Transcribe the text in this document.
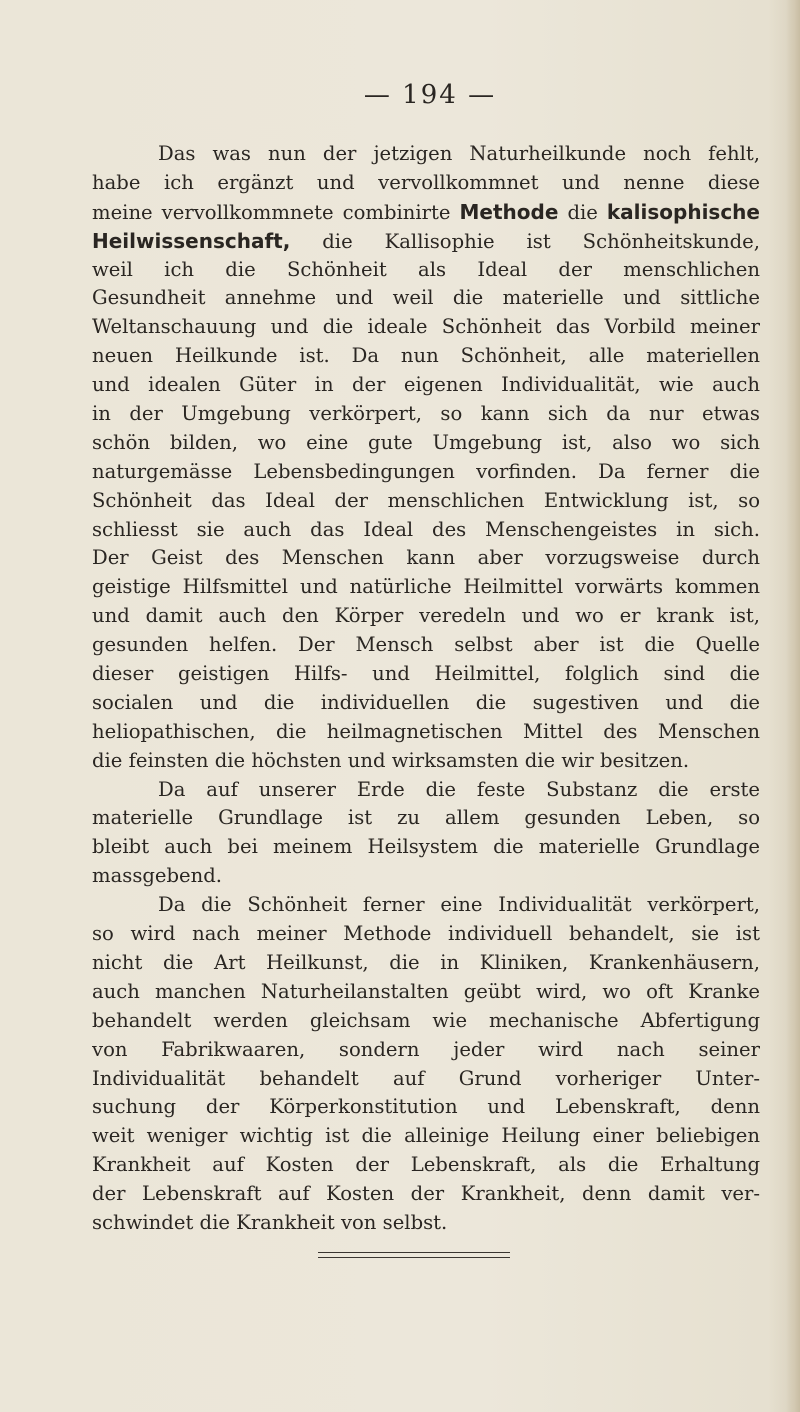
— 194 —
Das was nun der jetzigen Naturheilkunde noch fehlt,
habe ich ergänzt und vervollkommnet und nenne diese
meine vervollkommnete combinirte Methode die kalisophische
Heilwissenschaft, die Kallisophie ist Schönheitskunde,
weil ich die Schönheit als Ideal der menschlichen
Gesundheit annehme und weil die materielle und sittliche
Weltanschauung und die ideale Schönheit das Vorbild meiner
neuen Heilkunde ist. Da nun Schönheit, alle materiellen
und idealen Güter in der eigenen Individualität, wie auch
in der Umgebung verkörpert, so kann sich da nur etwas
schön bilden, wo eine gute Umgebung ist, also wo sich
naturgemässe Lebensbedingungen vorfinden. Da ferner die
Schönheit das Ideal der menschlichen Entwicklung ist, so
schliesst sie auch das Ideal des Menschengeistes in sich.
Der Geist des Menschen kann aber vorzugsweise durch
geistige Hilfsmittel und natürliche Heilmittel vorwärts kommen
und damit auch den Körper veredeln und wo er krank ist,
gesunden helfen. Der Mensch selbst aber ist die Quelle
dieser geistigen Hilfs- und Heilmittel, folglich sind die
socialen und die individuellen die sugestiven und die
heliopathischen, die heilmagnetischen Mittel des Menschen
die feinsten die höchsten und wirksamsten die wir besitzen.
Da auf unserer Erde die feste Substanz die erste
materielle Grundlage ist zu allem gesunden Leben, so
bleibt auch bei meinem Heilsystem die materielle Grundlage
massgebend.
Da die Schönheit ferner eine Individualität verkörpert,
so wird nach meiner Methode individuell behandelt, sie ist
nicht die Art Heilkunst, die in Kliniken, Krankenhäusern,
auch manchen Naturheilanstalten geübt wird, wo oft Kranke
behandelt werden gleichsam wie mechanische Abfertigung
von Fabrikwaaren, sondern jeder wird nach seiner
Individualität behandelt auf Grund vorheriger Unter-
suchung der Körperkonstitution und Lebenskraft, denn
weit weniger wichtig ist die alleinige Heilung einer beliebigen
Krankheit auf Kosten der Lebenskraft, als die Erhaltung
der Lebenskraft auf Kosten der Krankheit, denn damit ver-
schwindet die Krankheit von selbst.
